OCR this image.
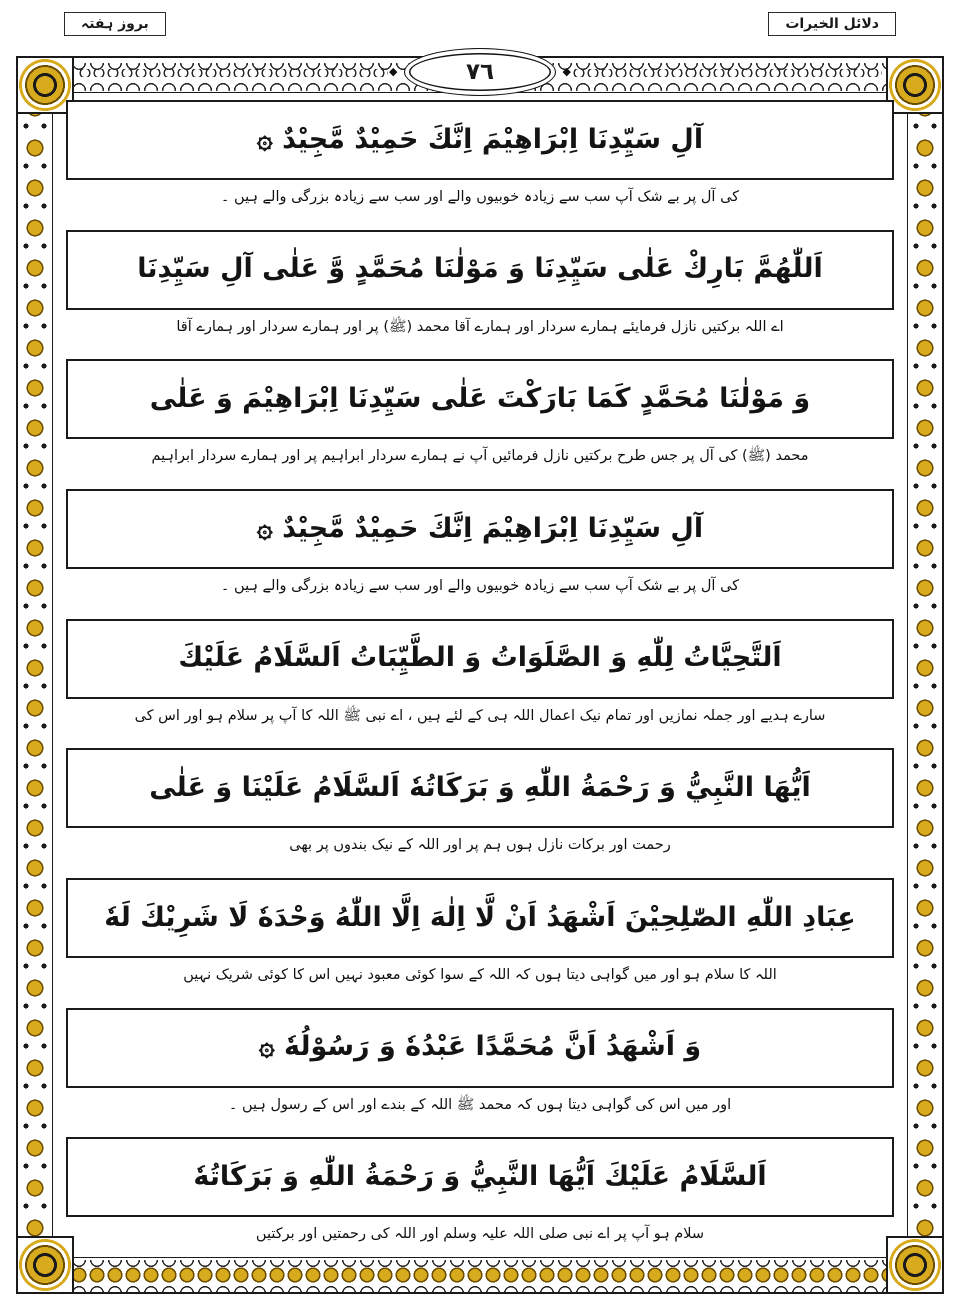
بروز ہفتہ	دلائل الخیرات
◆ ٧٦
◆
آلِ سَيِّدِنَا اِبْرَاهِيْمَ اِنَّكَ حَمِيْدٌ مَّجِيْدٌ ۞
کی آل پر بے شک آپ سب سے زیادہ خوبیوں والے اور سب سے زیادہ بزرگی والے ہیں ۔
اَللّٰهُمَّ بَارِكْ عَلٰى سَيِّدِنَا وَ مَوْلٰنَا مُحَمَّدٍ وَّ عَلٰى آلِ سَيِّدِنَا
اے اللہ برکتیں نازل فرمایئے ہمارے سردار اور ہمارے آقا محمد (ﷺ) پر اور ہمارے سردار اور ہمارے آقا
وَ مَوْلٰنَا مُحَمَّدٍ كَمَا بَارَكْتَ عَلٰى سَيِّدِنَا اِبْرَاهِيْمَ وَ عَلٰى
محمد (ﷺ) کی آل پر جس طرح برکتیں نازل فرمائیں آپ نے ہمارے سردار ابراہیم پر اور ہمارے سردار ابراہیم
آلِ سَيِّدِنَا اِبْرَاهِيْمَ اِنَّكَ حَمِيْدٌ مَّجِيْدٌ ۞
کی آل پر بے شک آپ سب سے زیادہ خوبیوں والے اور سب سے زیادہ بزرگی والے ہیں ۔
اَلتَّحِيَّاتُ لِلّٰهِ وَ الصَّلَوَاتُ وَ الطَّيِّبَاتُ اَلسَّلَامُ عَلَيْكَ
سارے ہدیے اور جملہ نمازیں اور تمام نیک اعمال اللہ ہی کے لئے ہیں ، اے نبی ﷺ اللہ کا آپ پر سلام ہو اور اس کی
اَيُّهَا النَّبِيُّ وَ رَحْمَةُ اللّٰهِ وَ بَرَكَاتُهٗ اَلسَّلَامُ عَلَيْنَا وَ عَلٰى
رحمت اور برکات نازل ہوں ہم پر اور اللہ کے نیک بندوں پر بھی
عِبَادِ اللّٰهِ الصّٰلِحِيْنَ اَشْهَدُ اَنْ لَّا اِلٰهَ اِلَّا اللّٰهُ وَحْدَهٗ لَا شَرِيْكَ لَهٗ
اللہ کا سلام ہو اور میں گواہی دیتا ہوں کہ اللہ کے سوا کوئی معبود نہیں اس کا کوئی شریک نہیں
وَ اَشْهَدُ اَنَّ مُحَمَّدًا عَبْدُهٗ وَ رَسُوْلُهٗ ۞
اور میں اس کی گواہی دیتا ہوں کہ محمد ﷺ اللہ کے بندے اور اس کے رسول ہیں ۔
اَلسَّلَامُ عَلَيْكَ اَيُّهَا النَّبِيُّ وَ رَحْمَةُ اللّٰهِ وَ بَرَكَاتُهٗ
سلام ہو آپ پر اے نبی صلی اللہ علیہ وسلم اور اللہ کی رحمتیں اور برکتیں
